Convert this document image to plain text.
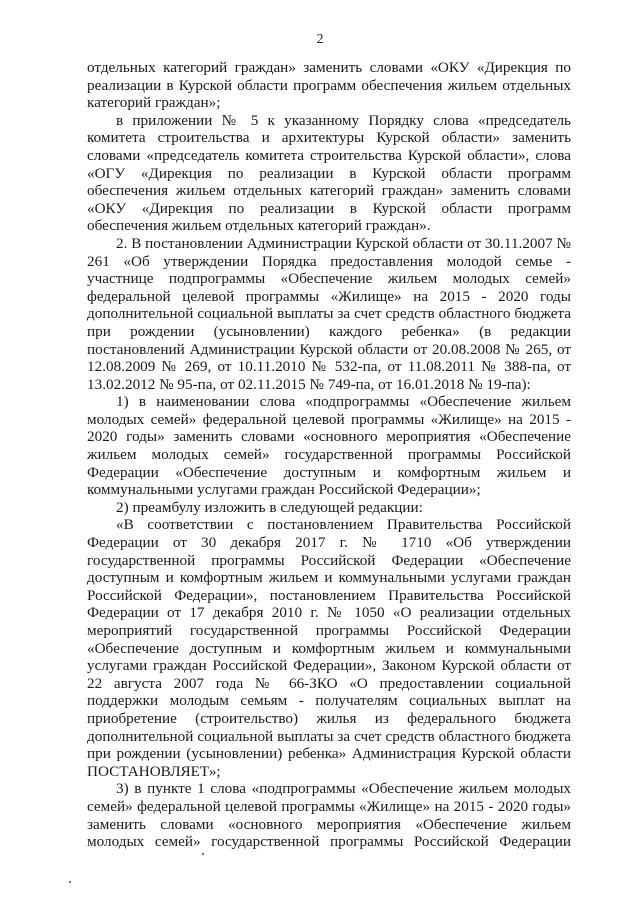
2

отдельных категорий граждан» заменить словами «ОКУ «Дирекция по реализации в Курской области программ обеспечения жильем отдельных категорий граждан»;

в приложении № 5 к указанному Порядку слова «председатель комитета строительства и архитектуры Курской области» заменить словами «председатель комитета строительства Курской области», слова «ОГУ «Дирекция по реализации в Курской области программ обеспечения жильем отдельных категорий граждан» заменить словами «ОКУ «Дирекция по реализации в Курской области программ обеспечения жильем отдельных категорий граждан».

2. В постановлении Администрации Курской области от 30.11.2007 № 261 «Об утверждении Порядка предоставления молодой семье - участнице подпрограммы «Обеспечение жильем молодых семей» федеральной целевой программы «Жилище» на 2015 - 2020 годы дополнительной социальной выплаты за счет средств областного бюджета при рождении (усыновлении) каждого ребенка» (в редакции постановлений Администрации Курской области от 20.08.2008 № 265, от 12.08.2009 № 269, от 10.11.2010 № 532-па, от 11.08.2011 № 388-па, от 13.02.2012 № 95-па, от 02.11.2015 № 749-па, от 16.01.2018 № 19-па):

1) в наименовании слова «подпрограммы «Обеспечение жильем молодых семей» федеральной целевой программы «Жилище» на 2015 - 2020 годы» заменить словами «основного мероприятия «Обеспечение жильем молодых семей» государственной программы Российской Федерации «Обеспечение доступным и комфортным жильем и коммунальными услугами граждан Российской Федерации»;

2) преамбулу изложить в следующей редакции:

«В соответствии с постановлением Правительства Российской Федерации от 30 декабря 2017 г. № 1710 «Об утверждении государственной программы Российской Федерации «Обеспечение доступным и комфортным жильем и коммунальными услугами граждан Российской Федерации», постановлением Правительства Российской Федерации от 17 декабря 2010 г. № 1050 «О реализации отдельных мероприятий государственной программы Российской Федерации «Обеспечение доступным и комфортным жильем и коммунальными услугами граждан Российской Федерации», Законом Курской области от 22 августа 2007 года № 66-ЗКО «О предоставлении социальной поддержки молодым семьям - получателям социальных выплат на приобретение (строительство) жилья из федерального бюджета дополнительной социальной выплаты за счет средств областного бюджета при рождении (усыновлении) ребенка» Администрация Курской области ПОСТАНОВЛЯЕТ»;

3) в пункте 1 слова «подпрограммы «Обеспечение жильем молодых семей» федеральной целевой программы «Жилище» на 2015 - 2020 годы» заменить словами «основного мероприятия «Обеспечение жильем молодых семей» государственной программы Российской Федерации
